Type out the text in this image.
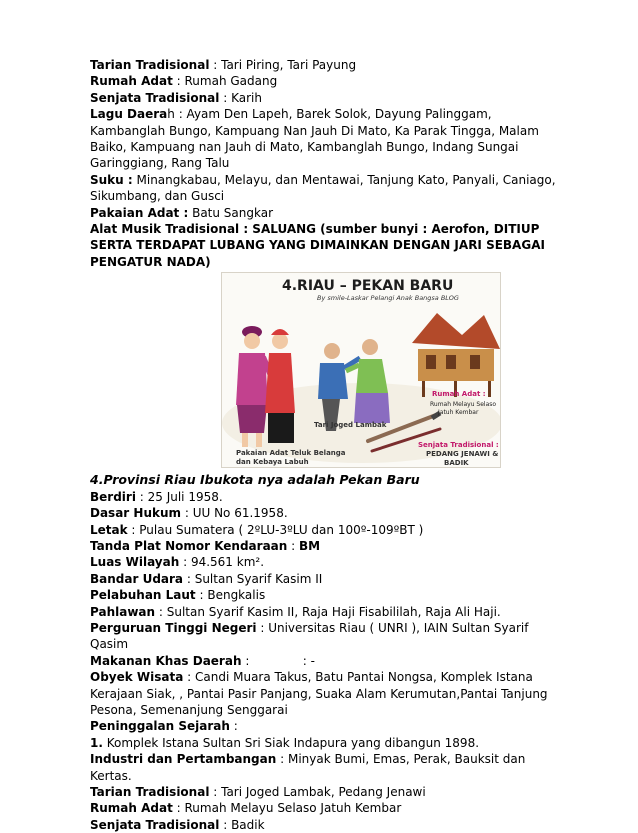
Tarian Tradisional : Tari Piring, Tari Payung

Rumah Adat : Rumah Gadang

Senjata Tradisional : Karih

Lagu Daerah : Ayam Den Lapeh, Barek Solok, Dayung Palinggam,

Kambanglah Bungo, Kampuang Nan Jauh Di Mato, Ka Parak Tingga, Malam

Baiko, Kampuang nan Jauh di Mato, Kambanglah Bungo, Indang Sungai

Garinggiang, Rang Talu

Suku : Minangkabau, Melayu, dan Mentawai, Tanjung Kato, Panyali, Caniago,

Sikumbang, dan Gusci

Pakaian Adat : Batu Sangkar

Alat Musik Tradisional : SALUANG (sumber bunyi : Aerofon, DITIUP

SERTA TERDAPAT LUBANG YANG DIMAINKAN DENGAN JARI SEBAGAI

PENGATUR NADA)

4.RIAU – PEKAN BARU
By smile-Laskar Pelangi Anak Bangsa BLOG
Rumah Adat :
Rumah Melayu Selaso
Jatuh Kembar
Tari Joged Lambak
Pakaian Adat Teluk Belanga
dan Kebaya Labuh
Senjata Tradisional :
PEDANG JENAWI &
BADIK

4.Provinsi Riau Ibukota nya adalah Pekan Baru

Berdiri : 25 Juli 1958.

Dasar Hukum : UU No 61.1958.

Letak : Pulau Sumatera ( 2ºLU-3ºLU dan 100º-109ºBT )

Tanda Plat Nomor Kendaraan : BM

Luas Wilayah : 94.561 km².

Bandar Udara : Sultan Syarif Kasim II

Pelabuhan Laut : Bengkalis

Pahlawan : Sultan Syarif Kasim II, Raja Haji Fisabililah, Raja Ali Haji.

Perguruan Tinggi Negeri : Universitas Riau ( UNRI ), IAIN Sultan Syarif

Qasim

Makanan Khas Daerah :              : -

Obyek Wisata : Candi Muara Takus, Batu Pantai Nongsa, Komplek Istana

Kerajaan Siak, , Pantai Pasir Panjang, Suaka Alam Kerumutan,Pantai Tanjung

Pesona, Semenanjung Senggarai

Peninggalan Sejarah :

1. Komplek Istana Sultan Sri Siak Indapura yang dibangun 1898.

Industri dan Pertambangan : Minyak Bumi, Emas, Perak, Bauksit dan

Kertas.

Tarian Tradisional : Tari Joged Lambak, Pedang Jenawi

Rumah Adat : Rumah Melayu Selaso Jatuh Kembar

Senjata Tradisional : Badik
